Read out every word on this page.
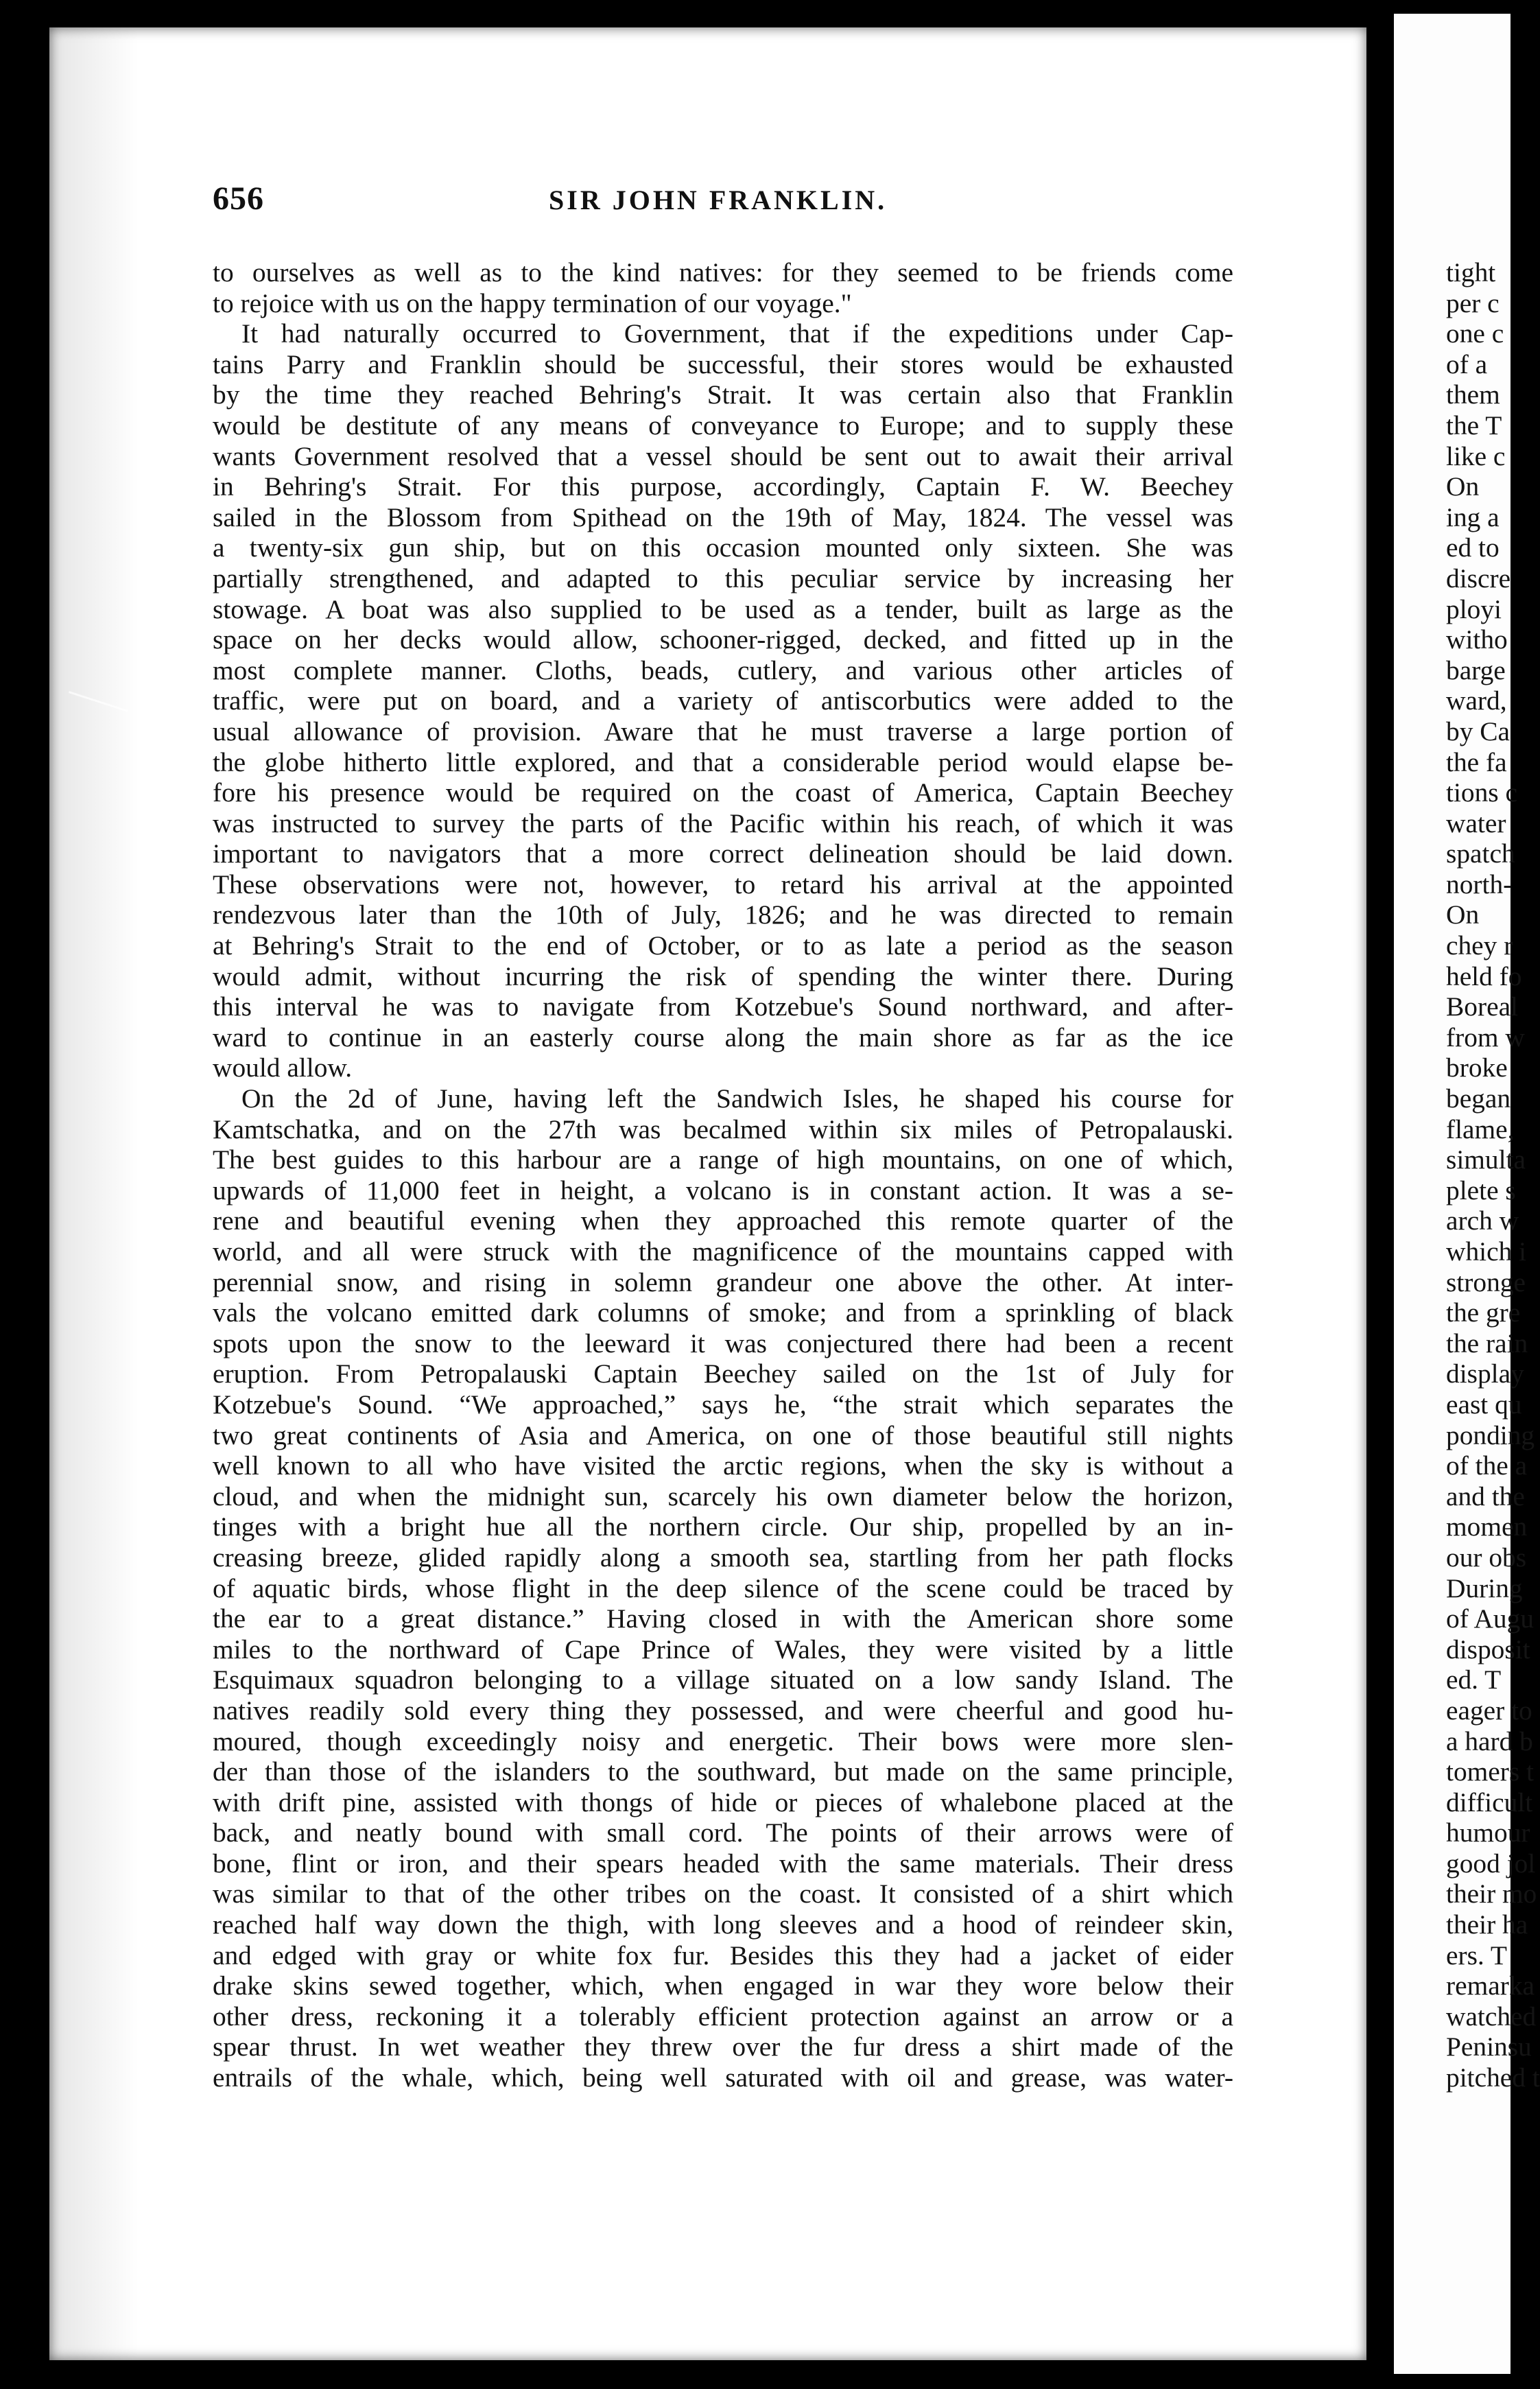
656	SIR JOHN FRANKLIN.
to ourselves as well as to the kind natives: for they seemed to be friends come
to rejoice with us on the happy termination of our voyage."
It had naturally occurred to Government, that if the expeditions under Cap-
tains Parry and Franklin should be successful, their stores would be exhausted
by the time they reached Behring's Strait. It was certain also that Franklin
would be destitute of any means of conveyance to Europe; and to supply these
wants Government resolved that a vessel should be sent out to await their arrival
in Behring's Strait. For this purpose, accordingly, Captain F. W. Beechey
sailed in the Blossom from Spithead on the 19th of May, 1824. The vessel was
a twenty-six gun ship, but on this occasion mounted only sixteen. She was
partially strengthened, and adapted to this peculiar service by increasing her
stowage. A boat was also supplied to be used as a tender, built as large as the
space on her decks would allow, schooner-rigged, decked, and fitted up in the
most complete manner. Cloths, beads, cutlery, and various other articles of
traffic, were put on board, and a variety of antiscorbutics were added to the
usual allowance of provision. Aware that he must traverse a large portion of
the globe hitherto little explored, and that a considerable period would elapse be-
fore his presence would be required on the coast of America, Captain Beechey
was instructed to survey the parts of the Pacific within his reach, of which it was
important to navigators that a more correct delineation should be laid down.
These observations were not, however, to retard his arrival at the appointed
rendezvous later than the 10th of July, 1826; and he was directed to remain
at Behring's Strait to the end of October, or to as late a period as the season
would admit, without incurring the risk of spending the winter there. During
this interval he was to navigate from Kotzebue's Sound northward, and after-
ward to continue in an easterly course along the main shore as far as the ice
would allow.
On the 2d of June, having left the Sandwich Isles, he shaped his course for
Kamtschatka, and on the 27th was becalmed within six miles of Petropalauski.
The best guides to this harbour are a range of high mountains, on one of which,
upwards of 11,000 feet in height, a volcano is in constant action. It was a se-
rene and beautiful evening when they approached this remote quarter of the
world, and all were struck with the magnificence of the mountains capped with
perennial snow, and rising in solemn grandeur one above the other. At inter-
vals the volcano emitted dark columns of smoke; and from a sprinkling of black
spots upon the snow to the leeward it was conjectured there had been a recent
eruption. From Petropalauski Captain Beechey sailed on the 1st of July for
Kotzebue's Sound. “We approached,” says he, “the strait which separates the
two great continents of Asia and America, on one of those beautiful still nights
well known to all who have visited the arctic regions, when the sky is without a
cloud, and when the midnight sun, scarcely his own diameter below the horizon,
tinges with a bright hue all the northern circle. Our ship, propelled by an in-
creasing breeze, glided rapidly along a smooth sea, startling from her path flocks
of aquatic birds, whose flight in the deep silence of the scene could be traced by
the ear to a great distance.” Having closed in with the American shore some
miles to the northward of Cape Prince of Wales, they were visited by a little
Esquimaux squadron belonging to a village situated on a low sandy Island. The
natives readily sold every thing they possessed, and were cheerful and good hu-
moured, though exceedingly noisy and energetic. Their bows were more slen-
der than those of the islanders to the southward, but made on the same principle,
with drift pine, assisted with thongs of hide or pieces of whalebone placed at the
back, and neatly bound with small cord. The points of their arrows were of
bone, flint or iron, and their spears headed with the same materials. Their dress
was similar to that of the other tribes on the coast. It consisted of a shirt which
reached half way down the thigh, with long sleeves and a hood of reindeer skin,
and edged with gray or white fox fur. Besides this they had a jacket of eider
drake skins sewed together, which, when engaged in war they wore below their
other dress, reckoning it a tolerably efficient protection against an arrow or a
spear thrust. In wet weather they threw over the fur dress a shirt made of the
entrails of the whale, which, being well saturated with oil and grease, was water-
tight
per c
one c
of a
them
the T
like c
On
ing a
ed to
discre
ployi
witho
barge
ward,
by Ca
the fa
tions c
water
spatch
north-
On
chey r
held fo
Boreal
from w
broke
began
flame,
simulta
plete s
arch w
which i
stronge
the gre
the rain
display
east qu
ponding
of the a
and the
momen
our obs
During
of Augu
disposit
ed. T
eager to
a hard b
tomers t
difficult
humour
good jol
their mo
their ha
ers. T
remarka
watched
Peninsu
pitched t
